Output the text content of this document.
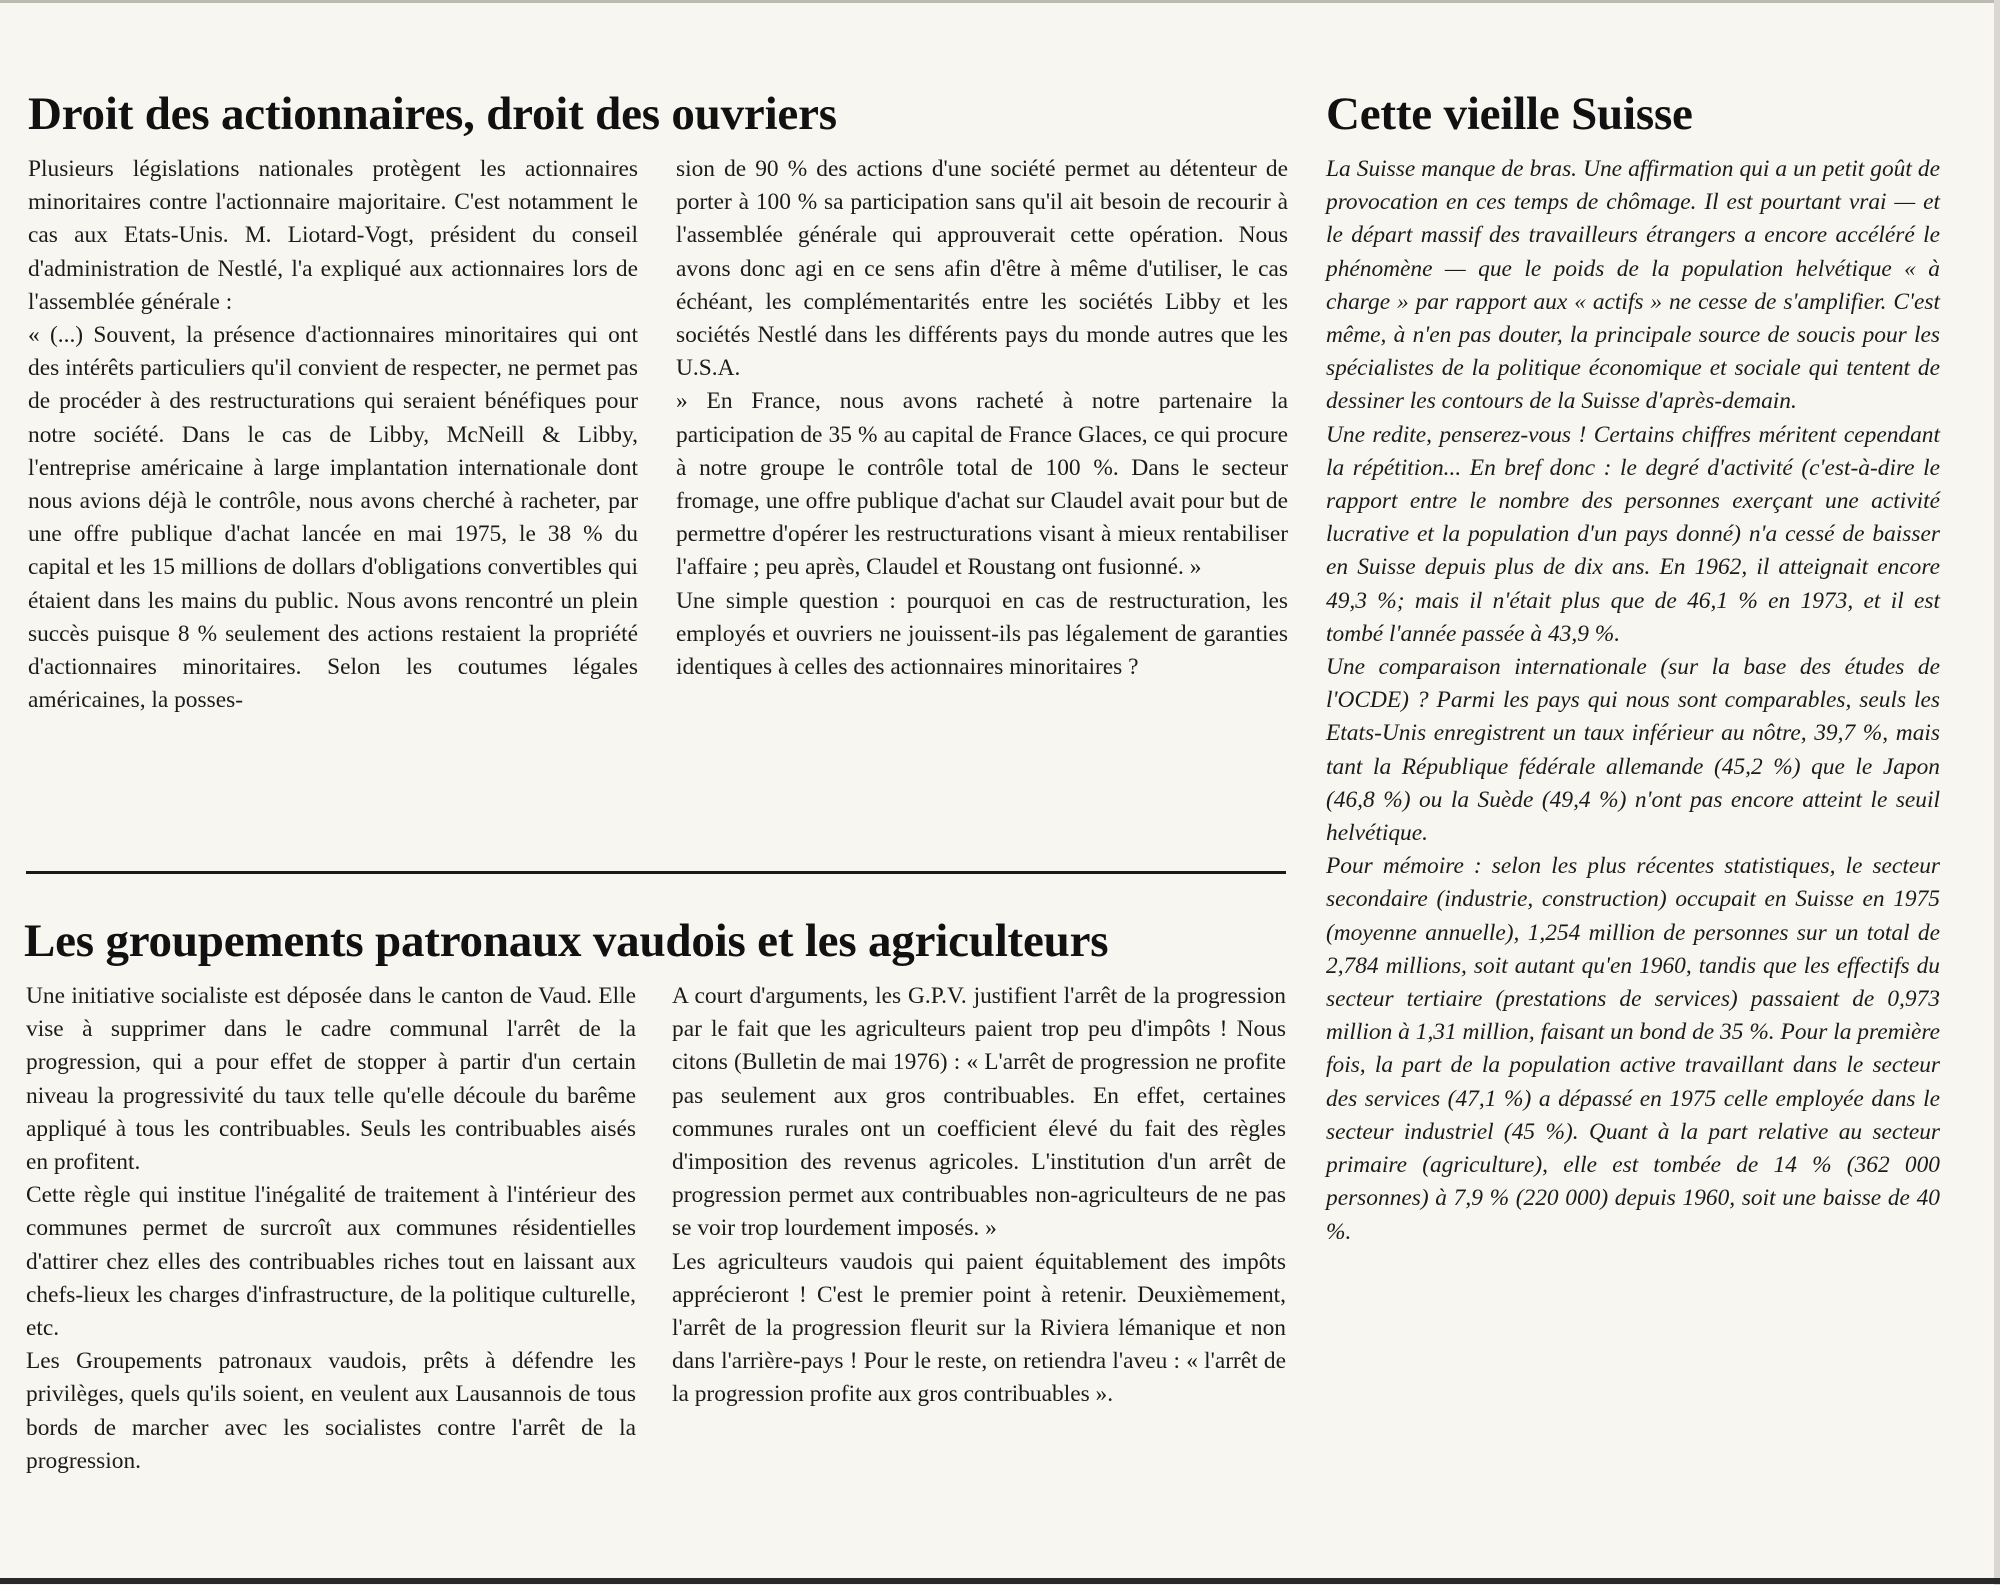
Droit des actionnaires, droit des ouvriers

Plusieurs législations nationales protègent les actionnaires minoritaires contre l'actionnaire majoritaire. C'est notamment le cas aux Etats-Unis. M. Liotard-Vogt, président du conseil d'administration de Nestlé, l'a expliqué aux actionnaires lors de l'assemblée générale :

« (...) Souvent, la présence d'actionnaires minoritaires qui ont des intérêts particuliers qu'il convient de respecter, ne permet pas de procéder à des restructurations qui seraient bénéfiques pour notre société. Dans le cas de Libby, McNeill & Libby, l'entreprise américaine à large implantation internationale dont nous avions déjà le contrôle, nous avons cherché à racheter, par une offre publique d'achat lancée en mai 1975, le 38 % du capital et les 15 millions de dollars d'obligations convertibles qui étaient dans les mains du public. Nous avons rencontré un plein succès puisque 8 % seulement des actions restaient la propriété d'actionnaires minoritaires. Selon les coutumes légales américaines, la posses-

sion de 90 % des actions d'une société permet au détenteur de porter à 100 % sa participation sans qu'il ait besoin de recourir à l'assemblée générale qui approuverait cette opération. Nous avons donc agi en ce sens afin d'être à même d'utiliser, le cas échéant, les complémentarités entre les sociétés Libby et les sociétés Nestlé dans les différents pays du monde autres que les U.S.A.

» En France, nous avons racheté à notre partenaire la participation de 35 % au capital de France Glaces, ce qui procure à notre groupe le contrôle total de 100 %. Dans le secteur fromage, une offre publique d'achat sur Claudel avait pour but de permettre d'opérer les restructurations visant à mieux rentabiliser l'affaire ; peu après, Claudel et Roustang ont fusionné. »

Une simple question : pourquoi en cas de restructuration, les employés et ouvriers ne jouissent-ils pas légalement de garanties identiques à celles des actionnaires minoritaires ?

Les groupements patronaux vaudois et les agriculteurs

Une initiative socialiste est déposée dans le canton de Vaud. Elle vise à supprimer dans le cadre communal l'arrêt de la progression, qui a pour effet de stopper à partir d'un certain niveau la progressivité du taux telle qu'elle découle du barême appliqué à tous les contribuables. Seuls les contribuables aisés en profitent.

Cette règle qui institue l'inégalité de traitement à l'intérieur des communes permet de surcroît aux communes résidentielles d'attirer chez elles des contribuables riches tout en laissant aux chefs-lieux les charges d'infrastructure, de la politique culturelle, etc.

Les Groupements patronaux vaudois, prêts à défendre les privilèges, quels qu'ils soient, en veulent aux Lausannois de tous bords de marcher avec les socialistes contre l'arrêt de la progression.

A court d'arguments, les G.P.V. justifient l'arrêt de la progression par le fait que les agriculteurs paient trop peu d'impôts ! Nous citons (Bulletin de mai 1976) : « L'arrêt de progression ne profite pas seulement aux gros contribuables. En effet, certaines communes rurales ont un coefficient élevé du fait des règles d'imposition des revenus agricoles. L'institution d'un arrêt de progression permet aux contribuables non-agriculteurs de ne pas se voir trop lourdement imposés. »

Les agriculteurs vaudois qui paient équitablement des impôts apprécieront ! C'est le premier point à retenir. Deuxièmement, l'arrêt de la progression fleurit sur la Riviera lémanique et non dans l'arrière-pays ! Pour le reste, on retiendra l'aveu : « l'arrêt de la progression profite aux gros contribuables ».

Cette vieille Suisse

La Suisse manque de bras. Une affirmation qui a un petit goût de provocation en ces temps de chômage. Il est pourtant vrai — et le départ massif des travailleurs étrangers a encore accéléré le phénomène — que le poids de la population helvétique « à charge » par rapport aux « actifs » ne cesse de s'amplifier. C'est même, à n'en pas douter, la principale source de soucis pour les spécialistes de la politique économique et sociale qui tentent de dessiner les contours de la Suisse d'après-demain.

Une redite, penserez-vous ! Certains chiffres méritent cependant la répétition... En bref donc : le degré d'activité (c'est-à-dire le rapport entre le nombre des personnes exerçant une activité lucrative et la population d'un pays donné) n'a cessé de baisser en Suisse depuis plus de dix ans. En 1962, il atteignait encore 49,3 %; mais il n'était plus que de 46,1 % en 1973, et il est tombé l'année passée à 43,9 %.

Une comparaison internationale (sur la base des études de l'OCDE) ? Parmi les pays qui nous sont comparables, seuls les Etats-Unis enregistrent un taux inférieur au nôtre, 39,7 %, mais tant la République fédérale allemande (45,2 %) que le Japon (46,8 %) ou la Suède (49,4 %) n'ont pas encore atteint le seuil helvétique.

Pour mémoire : selon les plus récentes statistiques, le secteur secondaire (industrie, construction) occupait en Suisse en 1975 (moyenne annuelle), 1,254 million de personnes sur un total de 2,784 millions, soit autant qu'en 1960, tandis que les effectifs du secteur tertiaire (prestations de services) passaient de 0,973 million à 1,31 million, faisant un bond de 35 %. Pour la première fois, la part de la population active travaillant dans le secteur des services (47,1 %) a dépassé en 1975 celle employée dans le secteur industriel (45 %). Quant à la part relative au secteur primaire (agriculture), elle est tombée de 14 % (362 000 personnes) à 7,9 % (220 000) depuis 1960, soit une baisse de 40 %.
